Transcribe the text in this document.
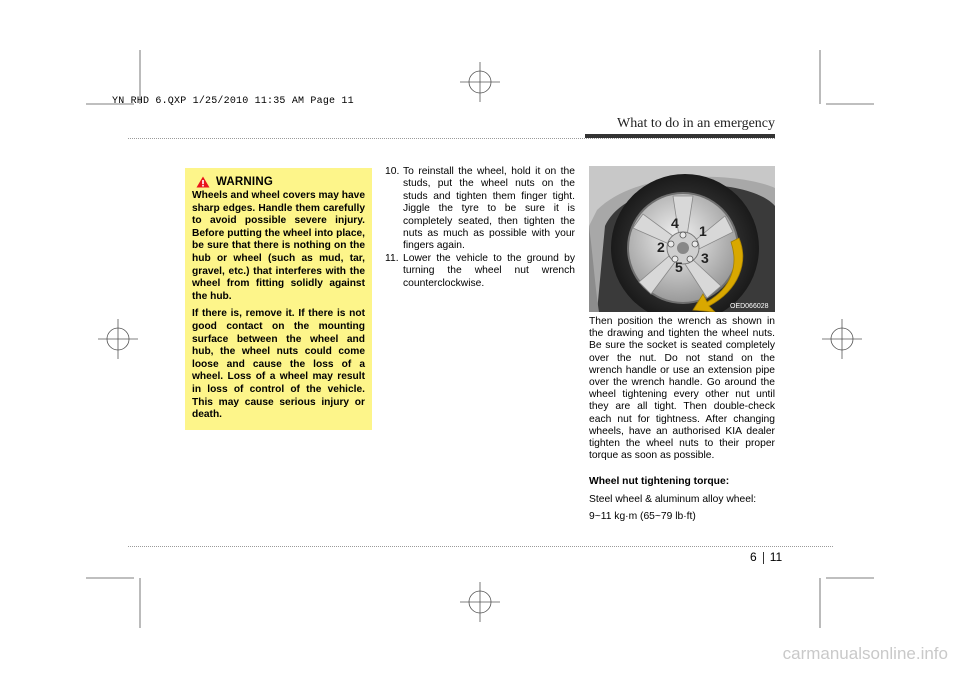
YN RHD 6.QXP 1/25/2010 11:35 AM Page 11
What to do in an emergency
WARNING

Wheels and wheel covers may have sharp edges. Handle them carefully to avoid possible severe injury. Before putting the wheel into place, be sure that there is nothing on the hub or wheel (such as mud, tar, gravel, etc.) that interferes with the wheel from fitting solidly against the hub.

If there is, remove it. If there is not good contact on the mounting surface between the wheel and hub, the wheel nuts could come loose and cause the loss of a wheel. Loss of a wheel may result in loss of control of the vehicle. This may cause serious injury or death.

10. To reinstall the wheel, hold it on the studs, put the wheel nuts on the studs and tighten them finger tight. Jiggle the tyre to be sure it is completely seated, then tighten the nuts as much as possible with your fingers again.
11. Lower the vehicle to the ground by turning the wheel nut wrench counterclockwise.
1
2
3
4
5
OED066028

Then position the wrench as shown in the drawing and tighten the wheel nuts. Be sure the socket is seated completely over the nut. Do not stand on the wrench handle or use an extension pipe over the wrench handle. Go around the wheel tightening every other nut until they are all tight. Then double-check each nut for tightness. After changing wheels, have an authorised KIA dealer tighten the wheel nuts to their proper torque as soon as possible.

Wheel nut tightening torque:

Steel wheel & aluminum alloy wheel:

9~11 kg·m (65~79 lb·ft)

6 11
carmanualsonline.info
